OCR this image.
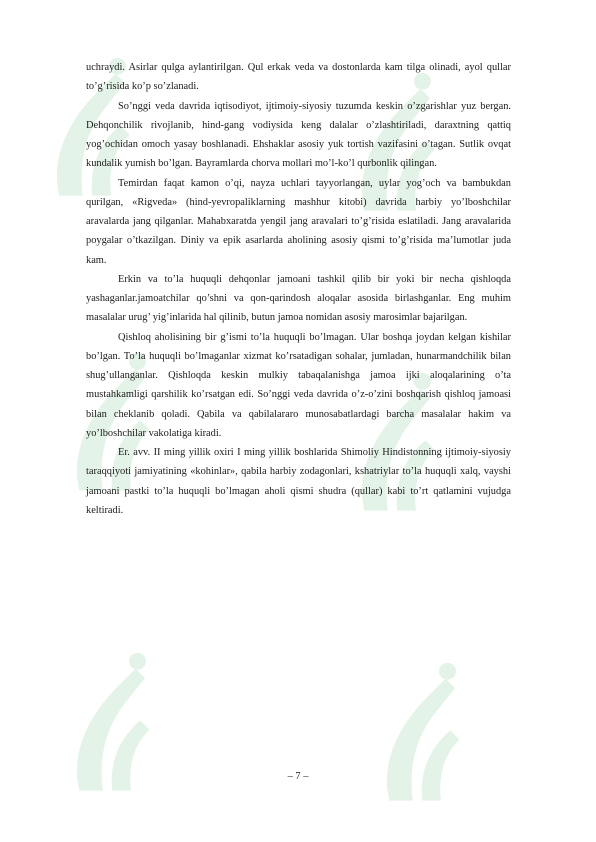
uchraydi. Asirlar qulga aylantirilgan. Qul erkak veda va dostonlarda kam tilga olinadi, ayol qullar to’g’risida ko’p so’zlanadi.

So’nggi veda davrida iqtisodiyot, ijtimoiy-siyosiy tuzumda keskin o’zgarishlar yuz bergan. Dehqonchilik rivojlanib, hind-gang vodiysida keng dalalar o’zlashtiriladi, daraxtning qattiq yog’ochidan omoch yasay boshlanadi. Ehshaklar asosiy yuk tortish vazifasini o’tagan. Sutlik ovqat kundalik yumish bo’lgan. Bayramlarda chorva mollari mo’l-ko’l qurbonlik qilingan.

Temirdan faqat kamon o’qi, nayza uchlari tayyorlangan, uylar yog’och va bambukdan qurilgan, «Rigveda» (hind-yevropaliklarning mashhur kitobi) davrida harbiy yo’lboshchilar aravalarda jang qilganlar. Mahabxaratda yengil jang aravalari to’g’risida eslatiladi. Jang aravalarida poygalar o’tkazilgan. Diniy va epik asarlarda aholining asosiy qismi to’g’risida ma’lumotlar juda kam.

Erkin va to’la huquqli dehqonlar jamoani tashkil qilib bir yoki bir necha qishloqda yashaganlar.jamoatchilar qo’shni va qon-qarindosh aloqalar asosida birlashganlar. Eng muhim masalalar urug’ yig’inlarida hal qilinib, butun jamoa nomidan asosiy marosimlar bajarilgan.

Qishloq aholisining bir g’ismi to’la huquqli bo’lmagan. Ular boshqa joydan kelgan kishilar bo’lgan. To’la huquqli bo’lmaganlar xizmat ko’rsatadigan sohalar, jumladan, hunarmandchilik bilan shug’ullanganlar. Qishloqda keskin mulkiy tabaqalanishga jamoa ijki aloqalarining o’ta mustahkamligi qarshilik ko’rsatgan edi. So’nggi veda davrida o’z-o’zini boshqarish qishloq jamoasi bilan cheklanib qoladi. Qabila va qabilalararo munosabatlardagi barcha masalalar hakim va yo’lboshchilar vakolatiga kiradi.

Er. avv. II ming yillik oxiri I ming yillik boshlarida Shimoliy Hindistonning ijtimoiy-siyosiy taraqqiyoti jamiyatining «kohinlar», qabila harbiy zodagonlari, kshatriylar to’la huquqli xalq, vayshi jamoani pastki to’la huquqli bo’lmagan aholi qismi shudra (qullar) kabi to’rt qatlamini vujudga keltiradi.

– 7 –
